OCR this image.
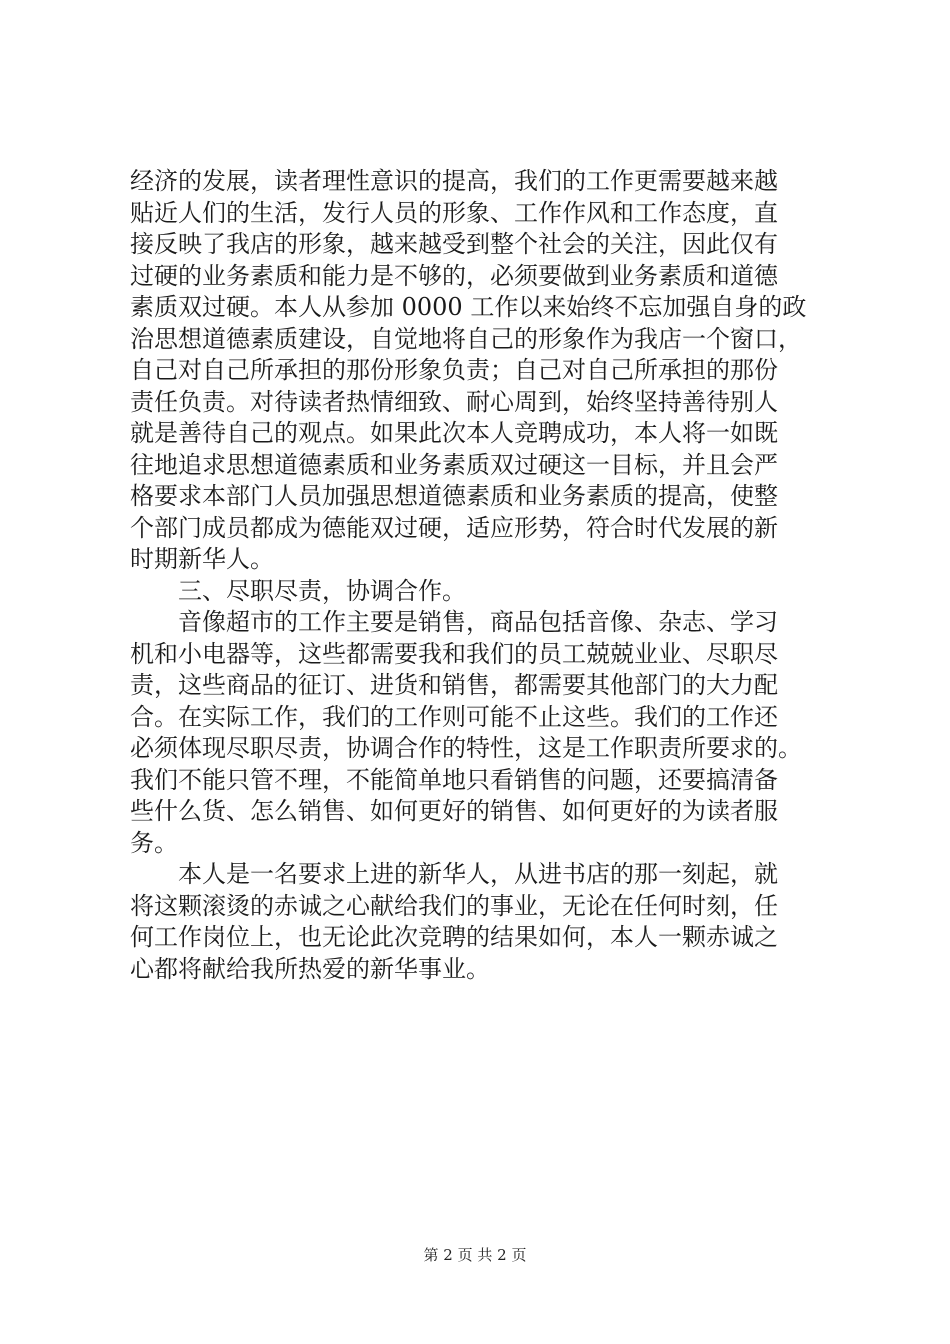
经济的发展，读者理性意识的提高，我们的工作更需要越来越
贴近人们的生活，发行人员的形象、工作作风和工作态度，直
接反映了我店的形象，越来越受到整个社会的关注，因此仅有
过硬的业务素质和能力是不够的，必须要做到业务素质和道德
素质双过硬。本人从参加 0000 工作以来始终不忘加强自身的政
治思想道德素质建设，自觉地将自己的形象作为我店一个窗口，
自己对自己所承担的那份形象负责；自己对自己所承担的那份
责任负责。对待读者热情细致、耐心周到，始终坚持善待别人
就是善待自己的观点。如果此次本人竞聘成功，本人将一如既
往地追求思想道德素质和业务素质双过硬这一目标，并且会严
格要求本部门人员加强思想道德素质和业务素质的提高，使整
个部门成员都成为德能双过硬，适应形势，符合时代发展的新
时期新华人。
　　三、尽职尽责，协调合作。
　　音像超市的工作主要是销售，商品包括音像、杂志、学习
机和小电器等，这些都需要我和我们的员工兢兢业业、尽职尽
责，这些商品的征订、进货和销售，都需要其他部门的大力配
合。在实际工作，我们的工作则可能不止这些。我们的工作还
必须体现尽职尽责，协调合作的特性，这是工作职责所要求的。
我们不能只管不理，不能简单地只看销售的问题，还要搞清备
些什么货、怎么销售、如何更好的销售、如何更好的为读者服
务。
　　本人是一名要求上进的新华人，从进书店的那一刻起，就
将这颗滚烫的赤诚之心献给我们的事业，无论在任何时刻，任
何工作岗位上，也无论此次竞聘的结果如何，本人一颗赤诚之
心都将献给我所热爱的新华事业。
第 2 页 共 2 页
